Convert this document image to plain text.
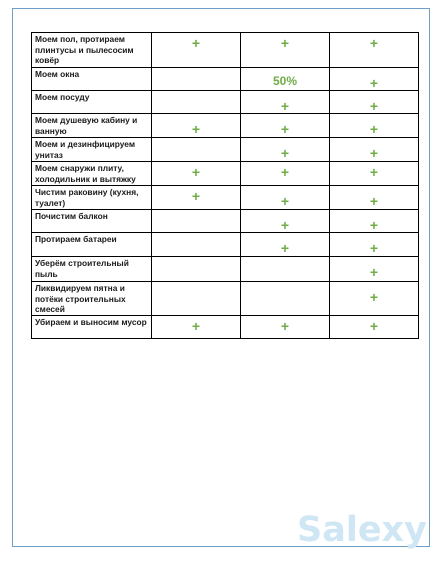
Моем пол, протираем плинтусы и пылесосим ковёр	+	+	+
Моем окна		50%	+
Моем посуду		+	+
Моем душевую кабину и ванную	+	+	+
Моем и дезинфицируем унитаз		+	+
Моем снаружи плиту, холодильник и вытяжку	+	+	+
Чистим раковину (кухня, туалет)	+	+	+
Почистим балкон		+	+
Протираем батареи		+	+
Уберём строительный пыль			+
Ликвидируем пятна и потёки строительных смесей			+
Убираем и выносим мусор	+	+	+
Salexy
